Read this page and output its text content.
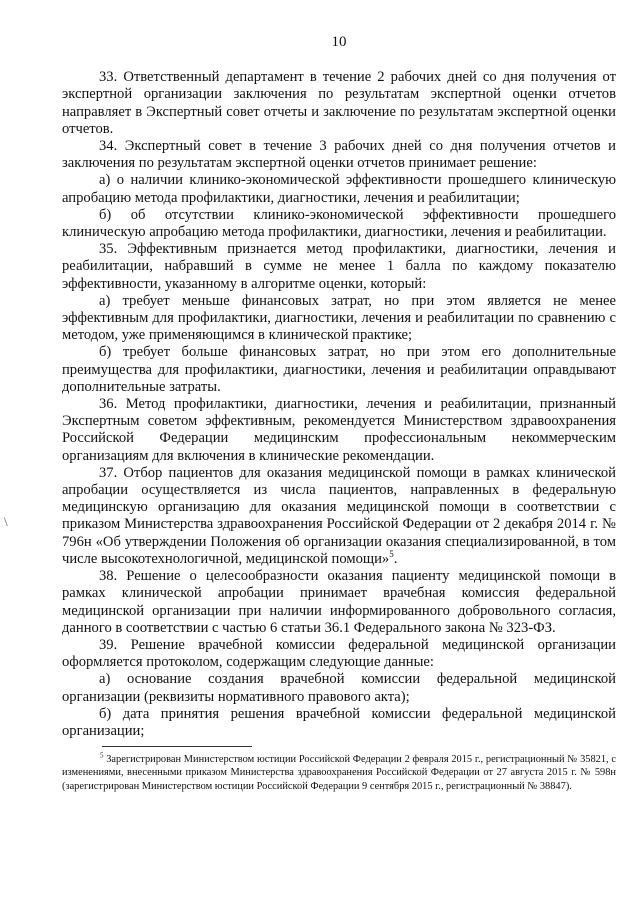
10

33. Ответственный департамент в течение 2 рабочих дней со дня получения от экспертной организации заключения по результатам экспертной оценки отчетов направляет в Экспертный совет отчеты и заключение по результатам экспертной оценки отчетов.

34. Экспертный совет в течение 3 рабочих дней со дня получения отчетов и заключения по результатам экспертной оценки отчетов принимает решение:

а) о наличии клинико-экономической эффективности прошедшего клиническую апробацию метода профилактики, диагностики, лечения и реабилитации;

б) об отсутствии клинико-экономической эффективности прошедшего клиническую апробацию метода профилактики, диагностики, лечения и реабилитации.

35. Эффективным признается метод профилактики, диагностики, лечения и реабилитации, набравший в сумме не менее 1 балла по каждому показателю эффективности, указанному в алгоритме оценки, который:

а) требует меньше финансовых затрат, но при этом является не менее эффективным для профилактики, диагностики, лечения и реабилитации по сравнению с методом, уже применяющимся в клинической практике;

б) требует больше финансовых затрат, но при этом его дополнительные преимущества для профилактики, диагностики, лечения и реабилитации оправдывают дополнительные затраты.

36. Метод профилактики, диагностики, лечения и реабилитации, признанный Экспертным советом эффективным, рекомендуется Министерством здравоохранения Российской Федерации медицинским профессиональным некоммерческим организациям для включения в клинические рекомендации.

37. Отбор пациентов для оказания медицинской помощи в рамках клинической апробации осуществляется из числа пациентов, направленных в федеральную медицинскую организацию для оказания медицинской помощи в соответствии с приказом Министерства здравоохранения Российской Федерации от 2 декабря 2014 г. № 796н «Об утверждении Положения об организации оказания специализированной, в том числе высокотехнологичной, медицинской помощи»$^5$.

38. Решение о целесообразности оказания пациенту медицинской помощи в рамках клинической апробации принимает врачебная комиссия федеральной медицинской организации при наличии информированного добровольного согласия, данного в соответствии с частью 6 статьи 36.1 Федерального закона № 323-ФЗ.

39. Решение врачебной комиссии федеральной медицинской организации оформляется протоколом, содержащим следующие данные:

а) основание создания врачебной комиссии федеральной медицинской организации (реквизиты нормативного правового акта);

б) дата принятия решения врачебной комиссии федеральной медицинской организации;

$^5$ Зарегистрирован Министерством юстиции Российской Федерации 2 февраля 2015 г., регистрационный № 35821, с изменениями, внесенными приказом Министерства здравоохранения Российской Федерации от 27 августа 2015 г. № 598н (зарегистрирован Министерством юстиции Российской Федерации 9 сентября 2015 г., регистрационный № 38847).

\
